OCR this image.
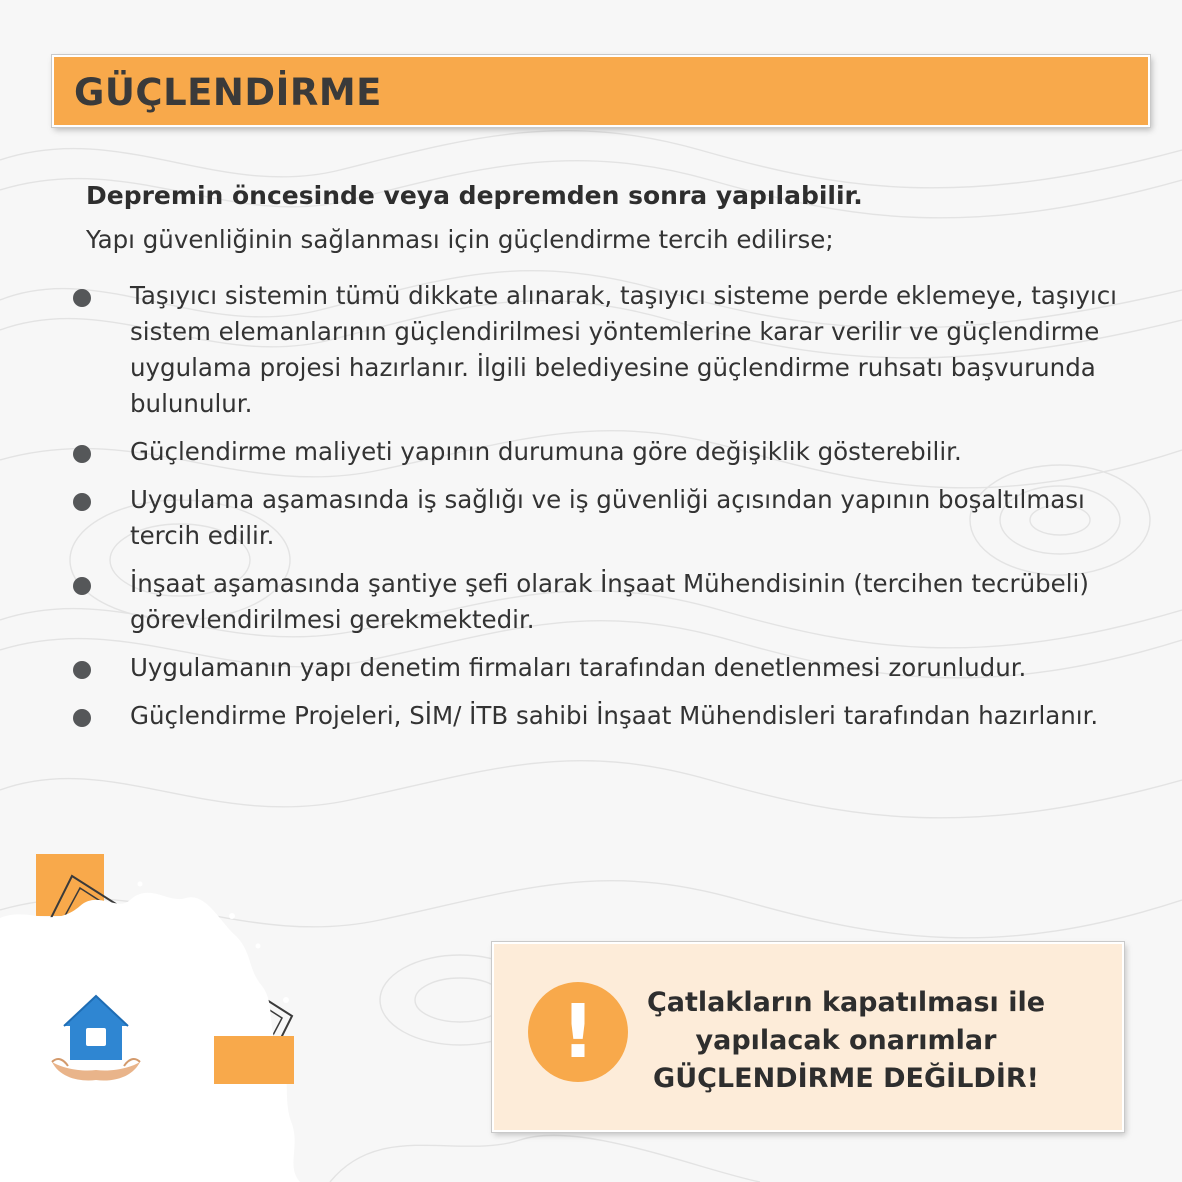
GÜÇLENDİRME

Depremin öncesinde veya depremden sonra yapılabilir.

Yapı güvenliğinin sağlanması için güçlendirme tercih edilirse;

Taşıyıcı sistemin tümü dikkate alınarak, taşıyıcı sisteme perde eklemeye, taşıyıcı sistem elemanlarının güçlendirilmesi yöntemlerine karar verilir ve güçlendirme uygulama projesi hazırlanır. İlgili belediyesine güçlendirme ruhsatı başvurunda bulunulur.
Güçlendirme maliyeti yapının durumuna göre değişiklik gösterebilir.
Uygulama aşamasında iş sağlığı ve iş güvenliği açısından yapının boşaltılması tercih edilir.
İnşaat aşamasında şantiye şefi olarak İnşaat Mühendisinin (tercihen tecrübeli) görevlendirilmesi gerekmektedir.
Uygulamanın yapı denetim firmaları tarafından denetlenmesi zorunludur.
Güçlendirme Projeleri, SİM/ İTB sahibi İnşaat Mühendisleri tarafından hazırlanır.
!	Çatlakların kapatılması ile
yapılacak onarımlar
GÜÇLENDİRME DEĞİLDİR!
